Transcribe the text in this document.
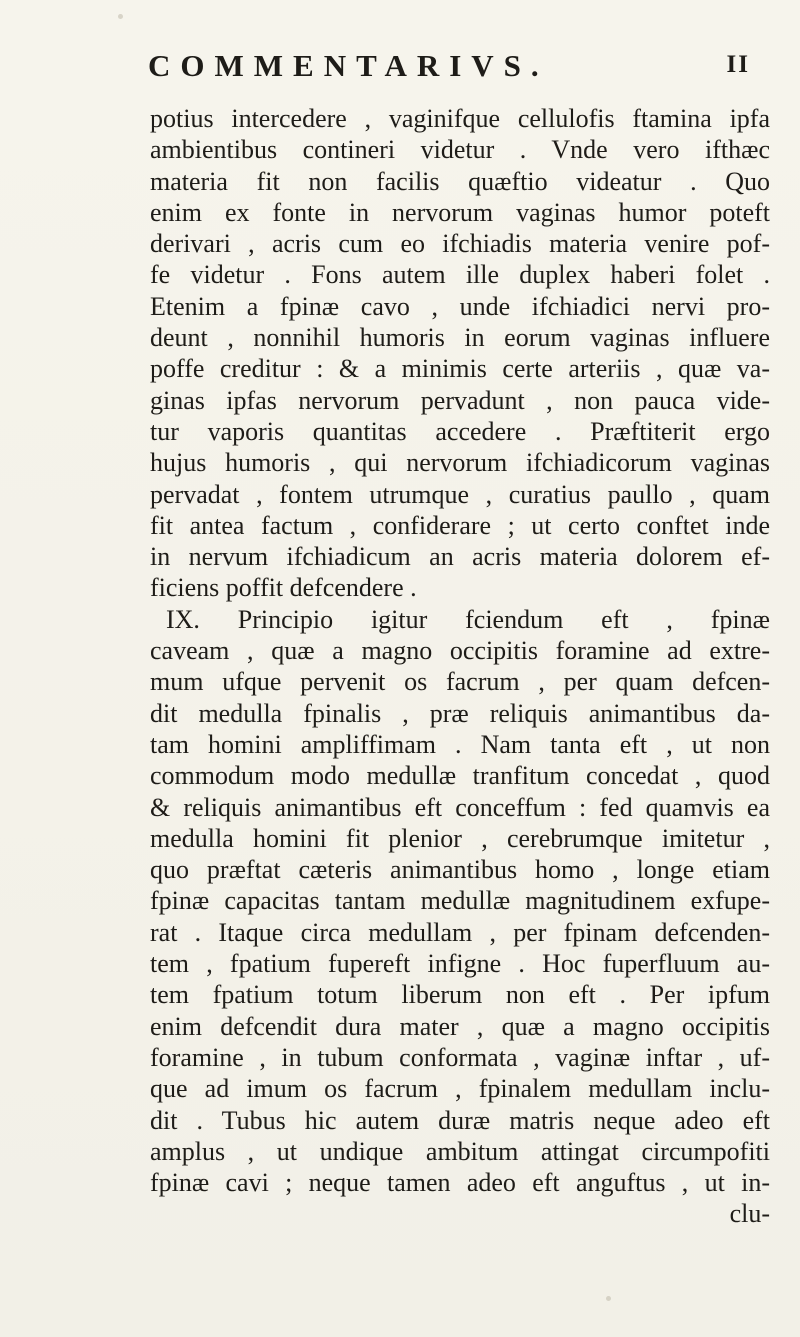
COMMENTARIVS.	II
potius intercedere , vaginifque cellulofis ftamina ipfa
ambientibus contineri videtur . Vnde vero ifthæc
materia fit non facilis quæftio videatur . Quo
enim ex fonte in nervorum vaginas humor poteft
derivari , acris cum eo ifchiadis materia venire pof-
fe videtur . Fons autem ille duplex haberi folet .
Etenim a fpinæ cavo , unde ifchiadici nervi pro-
deunt , nonnihil humoris in eorum vaginas influere
poffe creditur : & a minimis certe arteriis , quæ va-
ginas ipfas nervorum pervadunt , non pauca vide-
tur vaporis quantitas accedere . Præftiterit ergo
hujus humoris , qui nervorum ifchiadicorum vaginas
pervadat , fontem utrumque , curatius paullo , quam
fit antea factum , confiderare ; ut certo conftet inde
in nervum ifchiadicum an acris materia dolorem ef-
ficiens poffit defcendere .
IX. Principio igitur fciendum eft , fpinæ
caveam , quæ a magno occipitis foramine ad extre-
mum ufque pervenit os facrum , per quam defcen-
dit medulla fpinalis , præ reliquis animantibus da-
tam homini ampliffimam . Nam tanta eft , ut non
commodum modo medullæ tranfitum concedat , quod
& reliquis animantibus eft conceffum : fed quamvis ea
medulla homini fit plenior , cerebrumque imitetur ,
quo præftat cæteris animantibus homo , longe etiam
fpinæ capacitas tantam medullæ magnitudinem exfupe-
rat . Itaque circa medullam , per fpinam defcenden-
tem , fpatium fupereft infigne . Hoc fuperfluum au-
tem fpatium totum liberum non eft . Per ipfum
enim defcendit dura mater , quæ a magno occipitis
foramine , in tubum conformata , vaginæ inftar , uf-
que ad imum os facrum , fpinalem medullam inclu-
dit . Tubus hic autem duræ matris neque adeo eft
amplus , ut undique ambitum attingat circumpofiti
fpinæ cavi ; neque tamen adeo eft anguftus , ut in-
clu-
